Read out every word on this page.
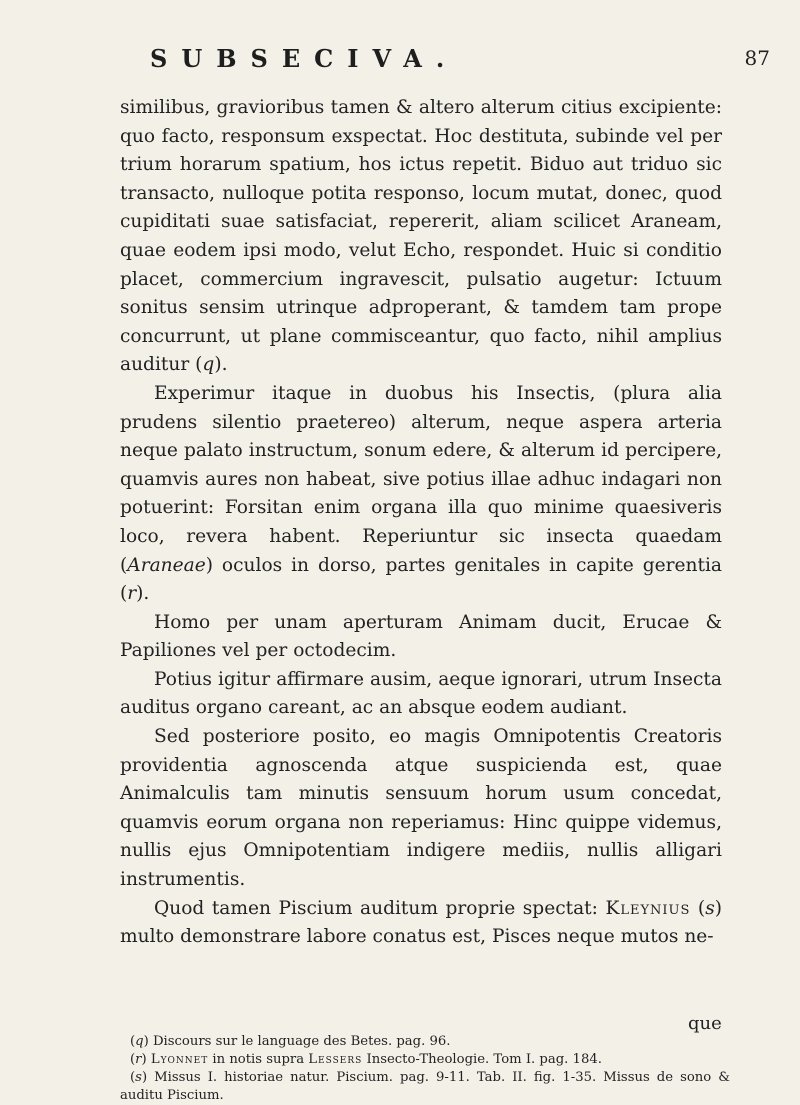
SUBSECIVA.	87

similibus, gravioribus tamen & altero alterum citius excipiente: quo facto, responsum exspectat. Hoc destituta, subinde vel per trium horarum spatium, hos ictus repetit. Biduo aut triduo sic transacto, nulloque potita responso, locum mutat, donec, quod cupiditati suae satisfaciat, repererit, aliam scilicet Araneam, quae eodem ipsi modo, velut Echo, respondet. Huic si conditio placet, commercium ingravescit, pulsatio augetur: Ictuum sonitus sensim utrinque adproperant, & tamdem tam prope concurrunt, ut plane commisceantur, quo facto, nihil amplius auditur (q).

Experimur itaque in duobus his Insectis, (plura alia prudens silentio praetereo) alterum, neque aspera arteria neque palato instructum, sonum edere, & alterum id percipere, quamvis aures non habeat, sive potius illae adhuc indagari non potuerint: Forsitan enim organa illa quo minime quaesiveris loco, revera habent. Reperiuntur sic insecta quaedam (Araneae) oculos in dorso, partes genitales in capite gerentia (r).

Homo per unam aperturam Animam ducit, Erucae & Papiliones vel per octodecim.

Potius igitur affirmare ausim, aeque ignorari, utrum Insecta auditus organo careant, ac an absque eodem audiant.

Sed posteriore posito, eo magis Omnipotentis Creatoris providentia agnoscenda atque suspicienda est, quae Animalculis tam minutis sensuum horum usum concedat, quamvis eorum organa non reperiamus: Hinc quippe videmus, nullis ejus Omnipotentiam indigere mediis, nullis alligari instrumentis.

Quod tamen Piscium auditum proprie spectat: Kleynius (s) multo demonstrare labore conatus est, Pisces neque mutos ne-

que

(q) Discours sur le language des Betes. pag. 96.

(r) Lyonnet in notis supra Lessers Insecto-Theologie. Tom I. pag. 184.

(s) Missus I. historiae natur. Piscium. pag. 9-11. Tab. II. fig. 1-35. Missus de sono & auditu Piscium.
